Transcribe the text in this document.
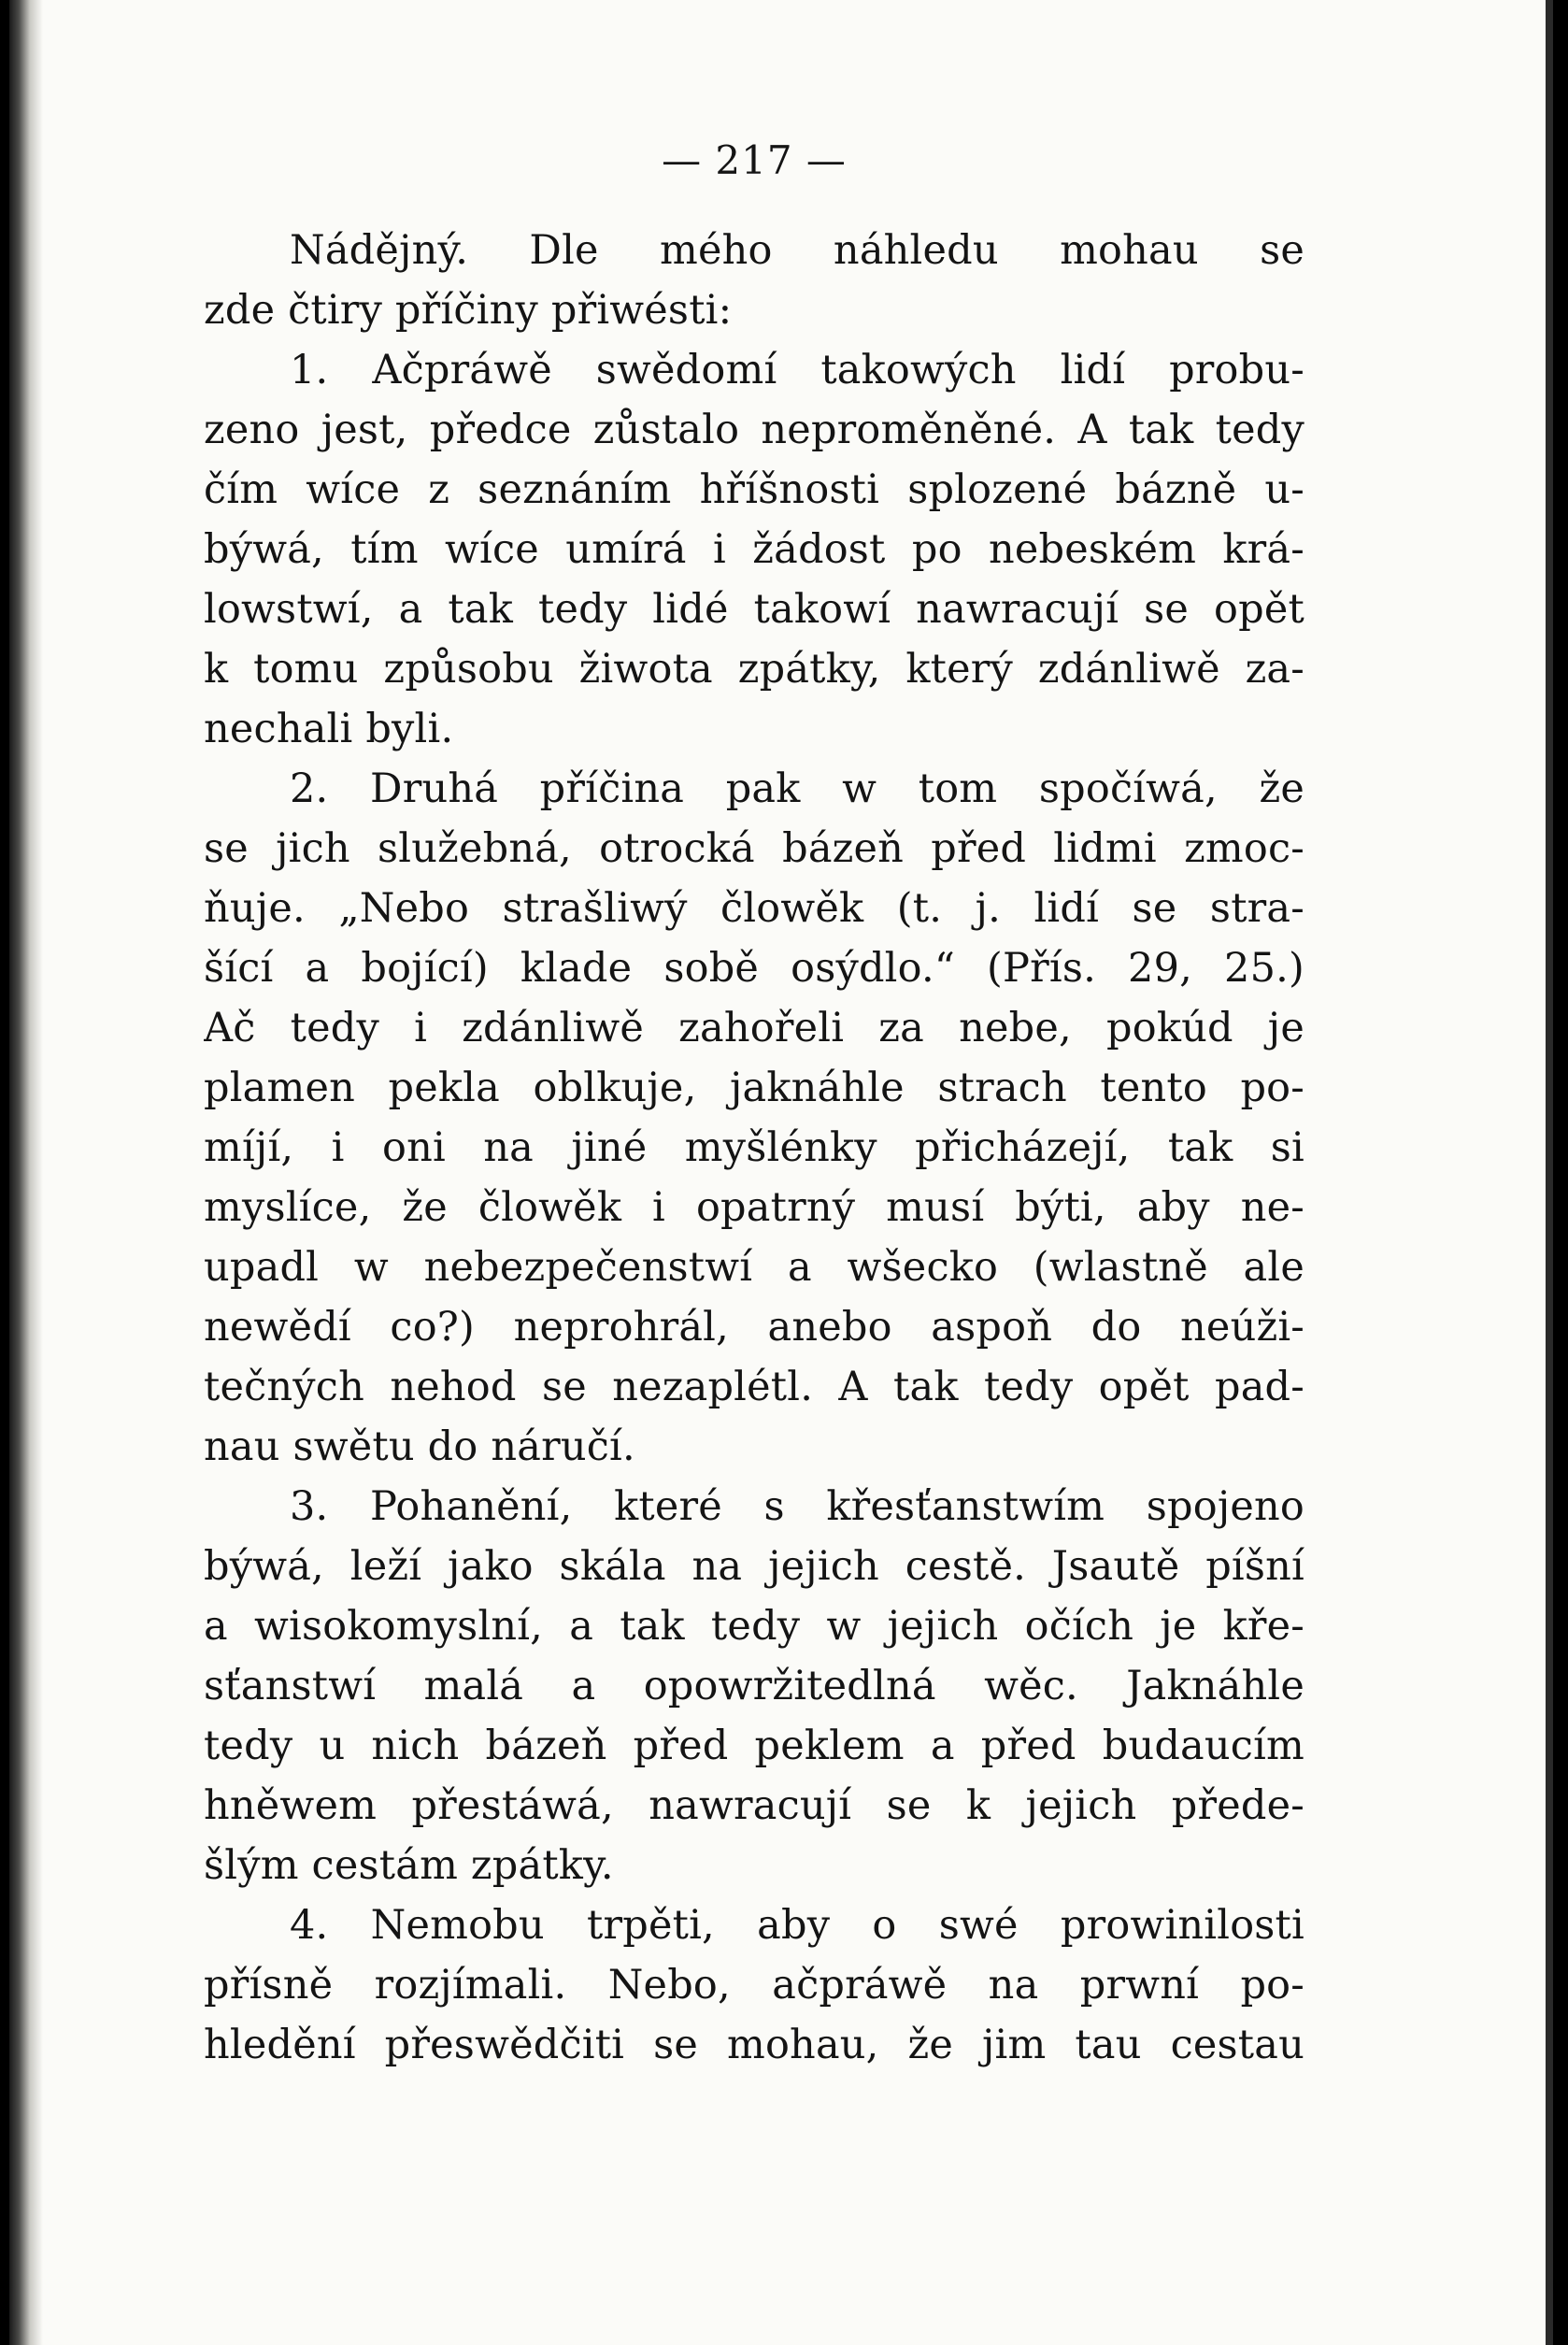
— 217 —
Nádějný. Dle mého náhledu mohau se
zde čtiry příčiny přiwésti:
1. Ačpráwě swědomí takowých lidí probu-
zeno jest, předce zůstalo neproměněné. A tak tedy
čím wíce z seznáním hříšnosti splozené bázně u-
býwá, tím wíce umírá i žádost po nebeském krá-
lowstwí, a tak tedy lidé takowí nawracují se opět
k tomu způsobu žiwota zpátky, který zdánliwě za-
nechali byli.
2. Druhá příčina pak w tom spočíwá, že
se jich služebná, otrocká bázeň před lidmi zmoc-
ňuje. „Nebo strašliwý člowěk (t. j. lidí se stra-
šící a bojící) klade sobě osýdlo.“ (Přís. 29, 25.)
Ač tedy i zdánliwě zahořeli za nebe, pokúd je
plamen pekla oblkuje, jaknáhle strach tento po-
míjí, i oni na jiné myšlénky přicházejí, tak si
myslíce, že člowěk i opatrný musí býti, aby ne-
upadl w nebezpečenstwí a wšecko (wlastně ale
newědí co?) neprohrál, anebo aspoň do neúži-
tečných nehod se nezaplétl. A tak tedy opět pad-
nau swětu do náručí.
3. Pohanění, které s křesťanstwím spojeno
býwá, leží jako skála na jejich cestě. Jsautě píšní
a wisokomyslní, a tak tedy w jejich očích je kře-
sťanstwí malá a opowržitedlná wěc. Jaknáhle
tedy u nich bázeň před peklem a před budaucím
hněwem přestáwá, nawracují se k jejich přede-
šlým cestám zpátky.
4. Nemobu trpěti, aby o swé prowinilosti
přísně rozjímali. Nebo, ačpráwě na prwní po-
hledění přeswědčiti se mohau, že jim tau cestau
